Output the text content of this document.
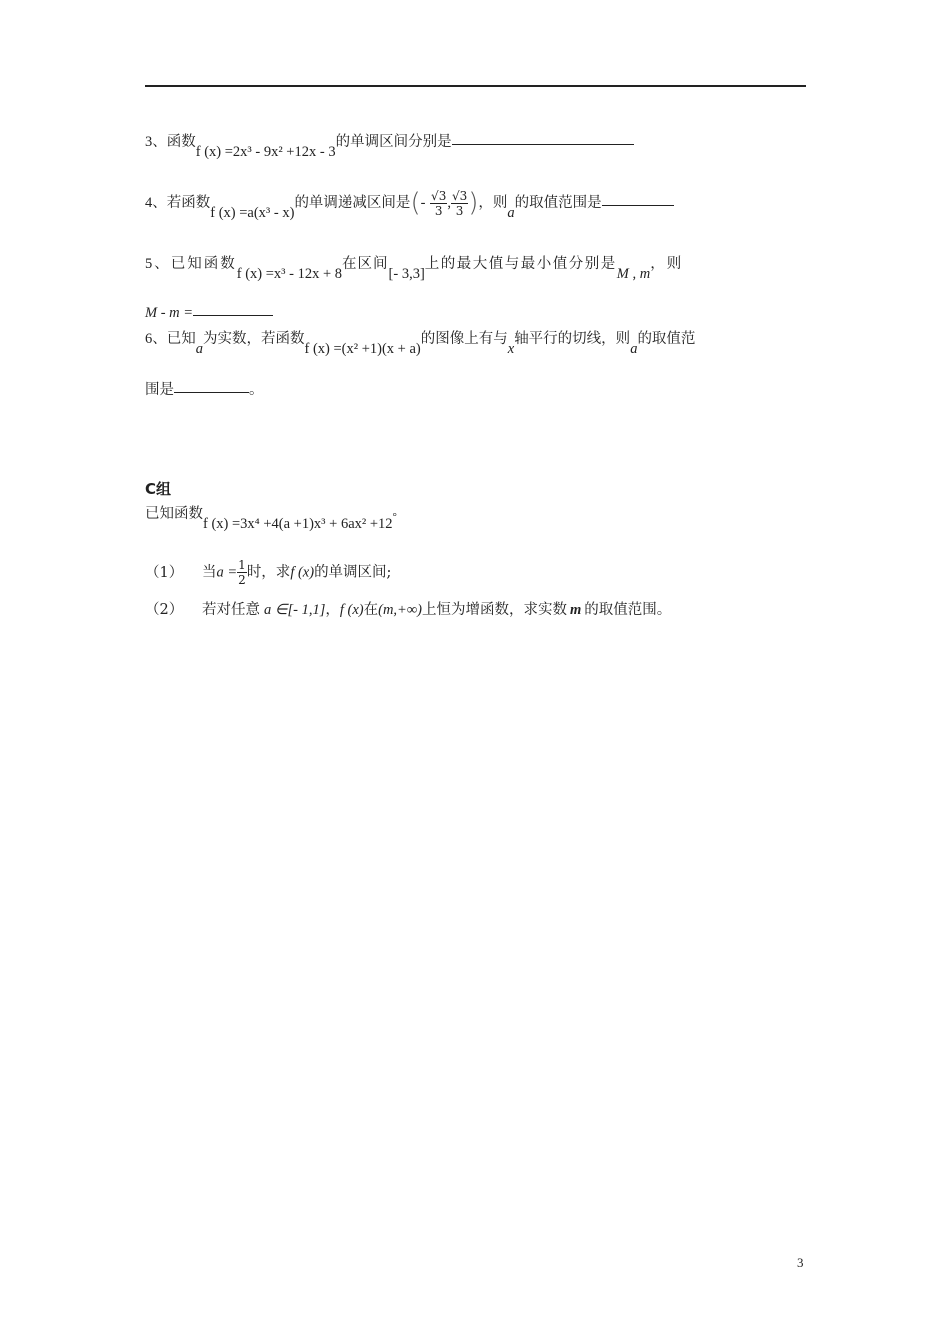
3、函数f (x) =2x³ - 9x² +12x - 3的单调区间分别是
4、若函数f (x) =a(x³ - x)的单调递减区间是(- $\frac{√3}{3}$ , $\frac{√3}{3}$ )，则a的取值范围是
5、已知函数f (x) =x³ - 12x + 8在区间[- 3,3]上的最大值与最小值分别是M , m，则
M - m =
6、已知a为实数，若函数f (x) =(x² +1)(x + a)的图像上有与x轴平行的切线，则a的取值范
围是	。
C组
已知函数f (x) =3x⁴ +4(a +1)x³ + 6ax² +12°
（1） 当$a = \frac{1}{2}$ 时，求f (x)的单调区间;
（2） 若对任意 a ∈[- 1,1]，f (x)在(m,+∞)上恒为增函数，求实数 m 的取值范围。
3
